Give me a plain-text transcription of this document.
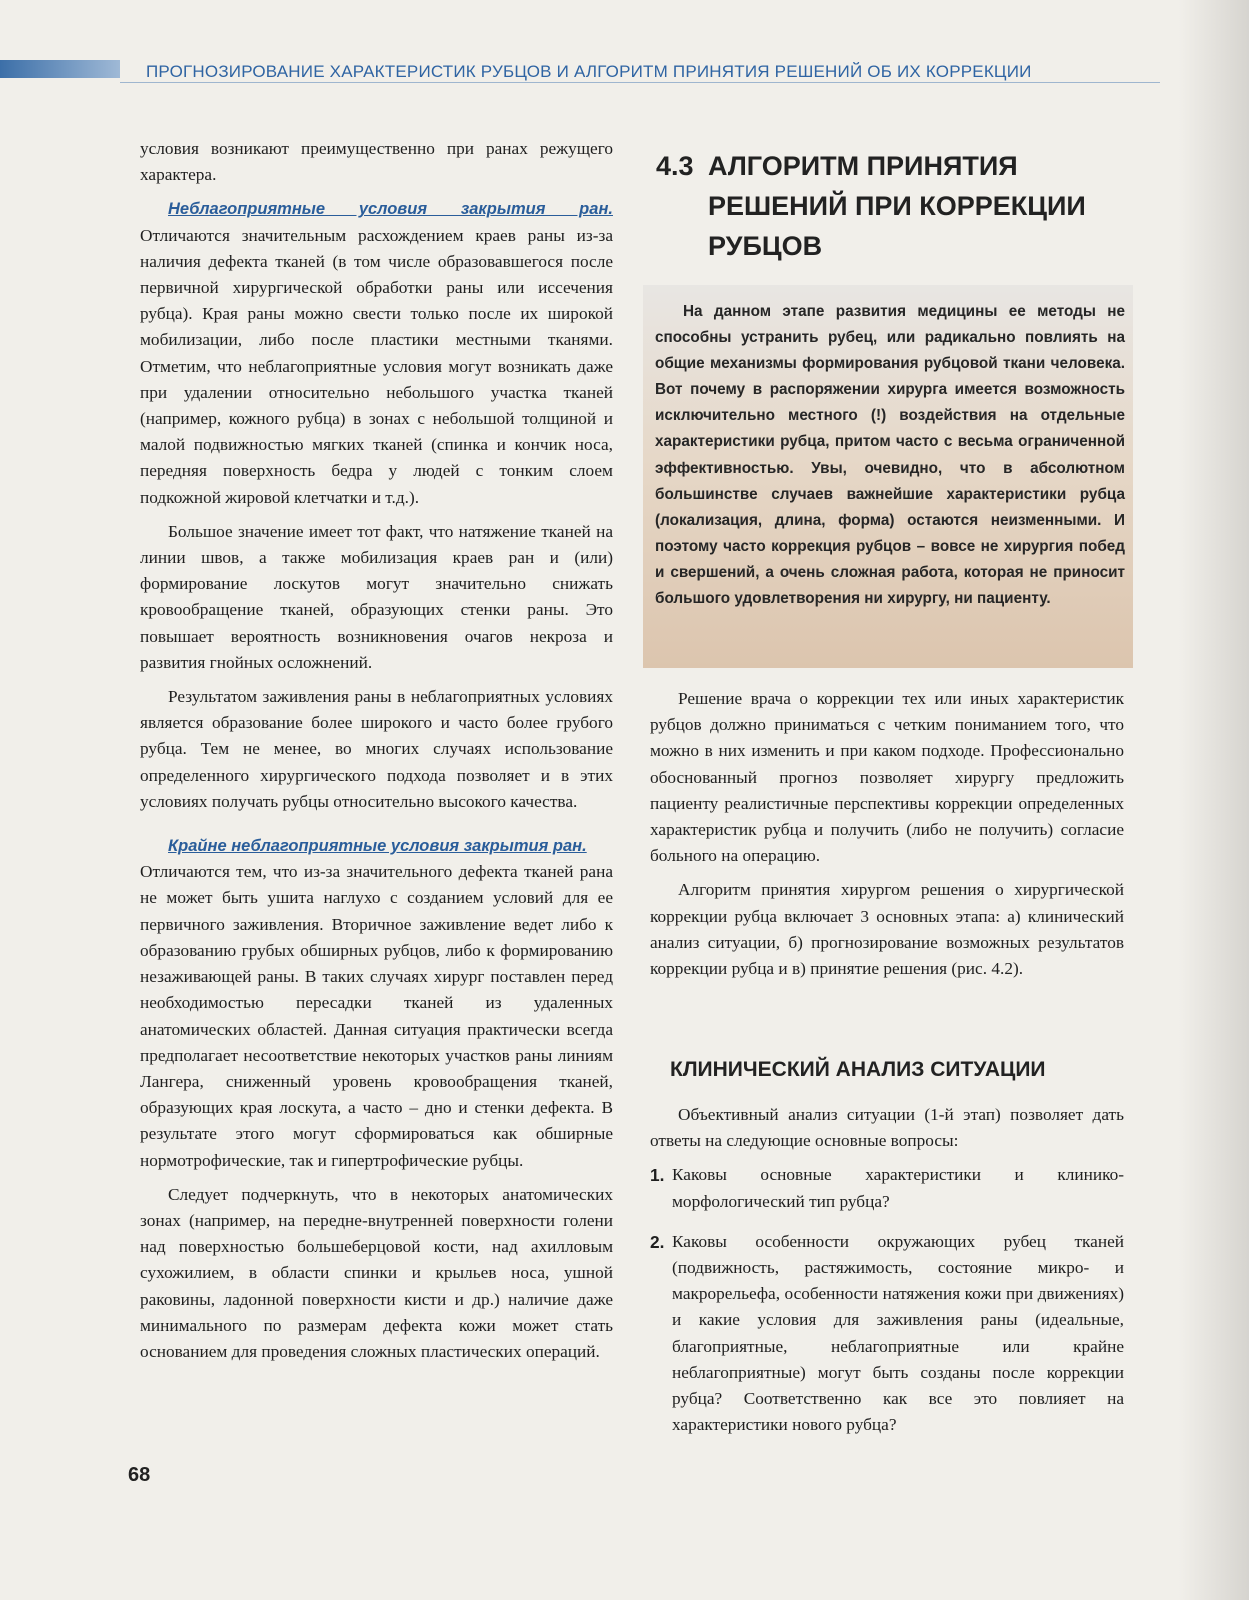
ПРОГНОЗИРОВАНИЕ ХАРАКТЕРИСТИК РУБЦОВ И АЛГОРИТМ ПРИНЯТИЯ РЕШЕНИЙ ОБ ИХ КОРРЕКЦИИ

условия возникают преимущественно при ранах режущего характера.

Неблагоприятные условия закрытия ран. Отличаются значительным расхождением краев раны из-за наличия дефекта тканей (в том числе образовавшегося после первичной хирургической обработки раны или иссечения рубца). Края раны можно свести только после их широкой мобилизации, либо после пластики местными тканями. Отметим, что неблагоприятные условия могут возникать даже при удалении относительно небольшого участка тканей (например, кожного рубца) в зонах с небольшой толщиной и малой подвижностью мягких тканей (спинка и кончик носа, передняя поверхность бедра у людей с тонким слоем подкожной жировой клетчатки и т.д.).

Большое значение имеет тот факт, что натяжение тканей на линии швов, а также мобилизация краев ран и (или) формирование лоскутов могут значительно снижать кровообращение тканей, образующих стенки раны. Это повышает вероятность возникновения очагов некроза и развития гнойных осложнений.

Результатом заживления раны в неблагоприятных условиях является образование более широкого и часто более грубого рубца. Тем не менее, во многих случаях использование определенного хирургического подхода позволяет и в этих условиях получать рубцы относительно высокого качества.

Крайне неблагоприятные условия закрытия ран.

Отличаются тем, что из-за значительного дефекта тканей рана не может быть ушита наглухо с созданием условий для ее первичного заживления. Вторичное заживление ведет либо к образованию грубых обширных рубцов, либо к формированию незаживающей раны. В таких случаях хирург поставлен перед необходимостью пересадки тканей из удаленных анатомических областей. Данная ситуация практически всегда предполагает несоответствие некоторых участков раны линиям Лангера, сниженный уровень кровообращения тканей, образующих края лоскута, а часто – дно и стенки дефекта. В результате этого могут сформироваться как обширные нормотрофические, так и гипертрофические рубцы.

Следует подчеркнуть, что в некоторых анатомических зонах (например, на передне-внутренней поверхности голени над поверхностью большеберцовой кости, над ахилловым сухожилием, в области спинки и крыльев носа, ушной раковины, ладонной поверхности кисти и др.) наличие даже минимального по размерам дефекта кожи может стать основанием для проведения сложных пластических операций.

4.3 АЛГОРИТМ ПРИНЯТИЯ
РЕШЕНИЙ ПРИ КОРРЕКЦИИ
РУБЦОВ

На данном этапе развития медицины ее методы не способны устранить рубец, или радикально повлиять на общие механизмы формирования рубцовой ткани человека. Вот почему в распоряжении хирурга имеется возможность исключительно местного (!) воздействия на отдельные характеристики рубца, притом часто с весьма ограниченной эффективностью. Увы, очевидно, что в абсолютном большинстве случаев важнейшие характеристики рубца (локализация, длина, форма) остаются неизменными. И поэтому часто коррекция рубцов – вовсе не хирургия побед и свершений, а очень сложная работа, которая не приносит большого удовлетворения ни хирургу, ни пациенту.

Решение врача о коррекции тех или иных характеристик рубцов должно приниматься с четким пониманием того, что можно в них изменить и при каком подходе. Профессионально обоснованный прогноз позволяет хирургу предложить пациенту реалистичные перспективы коррекции определенных характеристик рубца и получить (либо не получить) согласие больного на операцию.

Алгоритм принятия хирургом решения о хирургической коррекции рубца включает 3 основных этапа: а) клинический анализ ситуации, б) прогнозирование возможных результатов коррекции рубца и в) принятие решения (рис. 4.2).

КЛИНИЧЕСКИЙ АНАЛИЗ СИТУАЦИИ

Объективный анализ ситуации (1-й этап) позволяет дать ответы на следующие основные вопросы:

1. Каковы основные характеристики и клинико-морфологический тип рубца?
2. Каковы особенности окружающих рубец тканей (подвижность, растяжимость, состояние микро- и макрорельефа, особенности натяжения кожи при движениях) и какие условия для заживления раны (идеальные, благоприятные, неблагоприятные или крайне неблагоприятные) могут быть созданы после коррекции рубца? Соответственно как все это повлияет на характеристики нового рубца?
68
